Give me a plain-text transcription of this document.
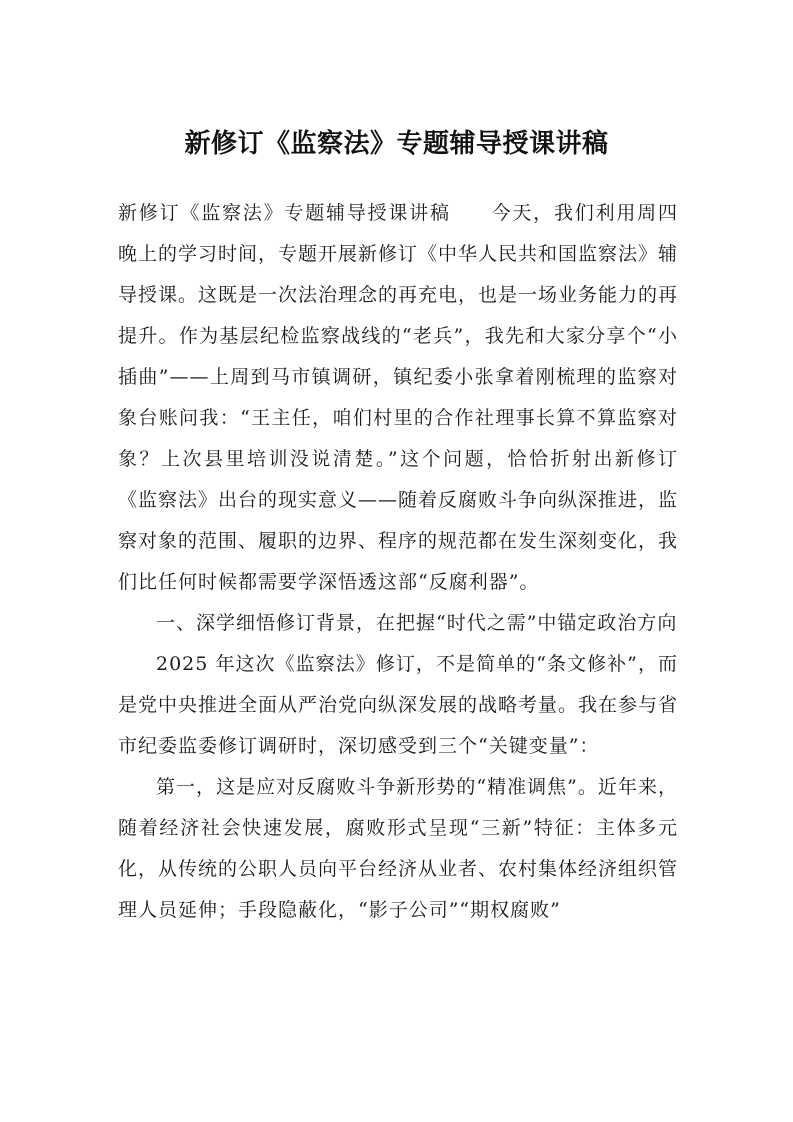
新修订《监察法》专题辅导授课讲稿

新修订《监察法》专题辅导授课讲稿 今天，我们利用周四晚上的学习时间，专题开展新修订《中华人民共和国监察法》辅导授课。这既是一次法治理念的再充电，也是一场业务能力的再提升。作为基层纪检监察战线的“老兵”，我先和大家分享个“小插曲”——上周到马市镇调研，镇纪委小张拿着刚梳理的监察对象台账问我：“王主任，咱们村里的合作社理事长算不算监察对象？上次县里培训没说清楚。”这个问题，恰恰折射出新修订《监察法》出台的现实意义——随着反腐败斗争向纵深推进，监察对象的范围、履职的边界、程序的规范都在发生深刻变化，我们比任何时候都需要学深悟透这部“反腐利器”。

一、深学细悟修订背景，在把握“时代之需”中锚定政治方向

2025 年这次《监察法》修订，不是简单的“条文修补”，而是党中央推进全面从严治党向纵深发展的战略考量。我在参与省市纪委监委修订调研时，深切感受到三个“关键变量”：

第一，这是应对反腐败斗争新形势的“精准调焦”。近年来，随着经济社会快速发展，腐败形式呈现“三新”特征：主体多元化，从传统的公职人员向平台经济从业者、农村集体经济组织管理人员延伸；手段隐蔽化，“影子公司”“期权腐败”
